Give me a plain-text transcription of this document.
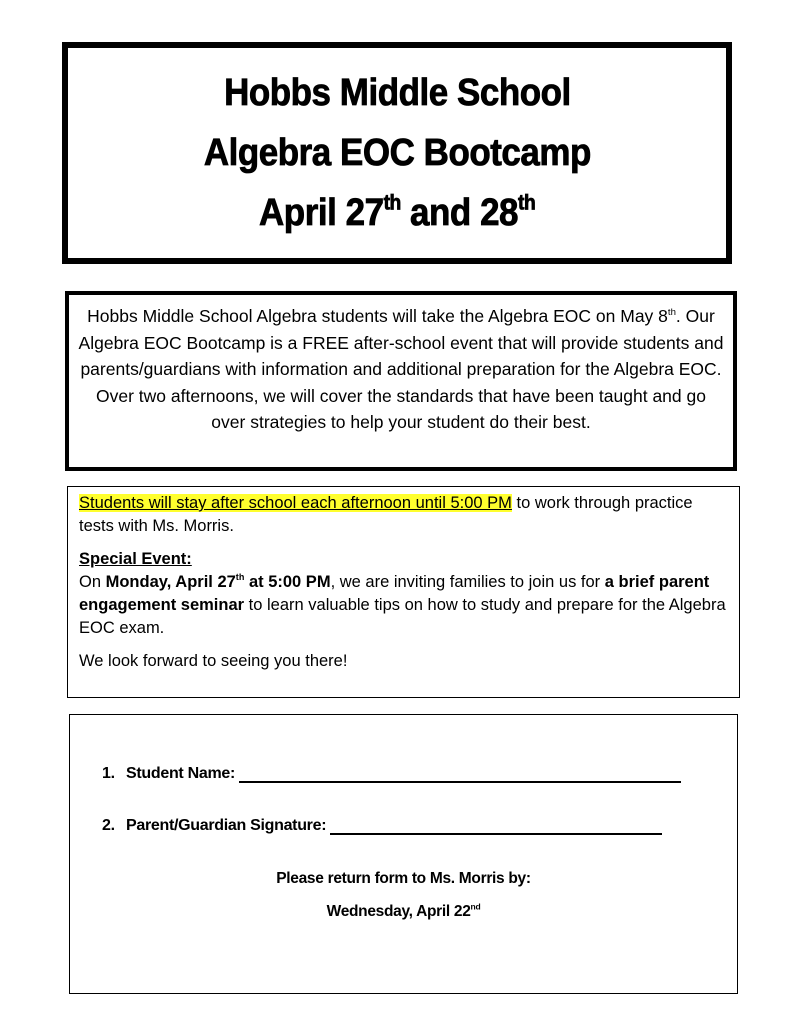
Hobbs Middle School
Algebra EOC Bootcamp
April 27th and 28th

Hobbs Middle School Algebra students will take the Algebra EOC on May 8th. Our Algebra EOC Bootcamp is a FREE after-school event that will provide students and parents/guardians with information and additional preparation for the Algebra EOC. Over two afternoons, we will cover the standards that have been taught and go over strategies to help your student do their best.

Students will stay after school each afternoon until 5:00 PM to work through practice tests with Ms. Morris.

Special Event:
On Monday, April 27th at 5:00 PM, we are inviting families to join us for a brief parent engagement seminar to learn valuable tips on how to study and prepare for the Algebra EOC exam.

We look forward to seeing you there!

1. Student Name:
2. Parent/Guardian Signature:
Please return form to Ms. Morris by:
Wednesday, April 22nd
